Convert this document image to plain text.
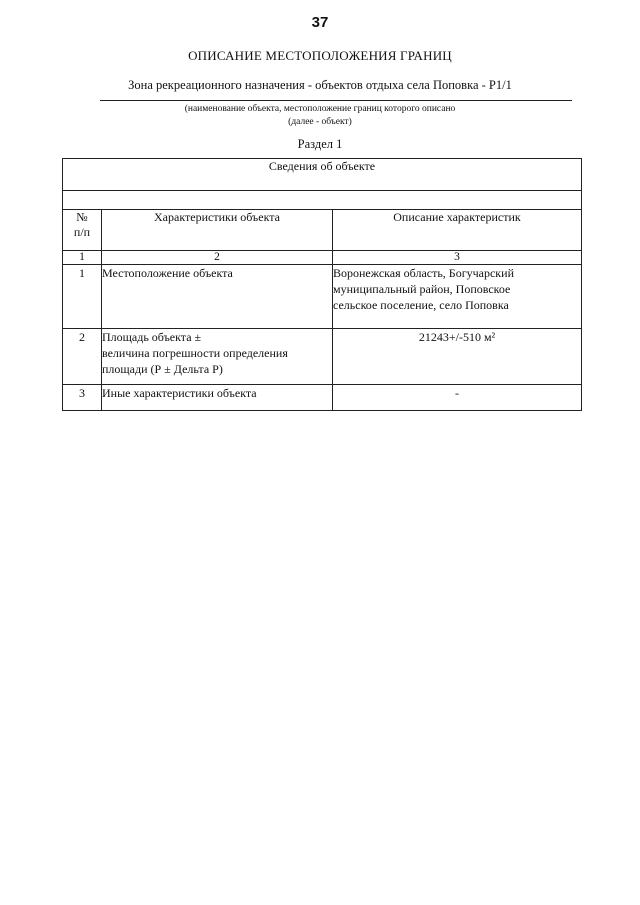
37
ОПИСАНИЕ МЕСТОПОЛОЖЕНИЯ ГРАНИЦ
Зона рекреационного назначения - объектов отдыха села Поповка - Р1/1
(наименование объекта, местоположение границ которого описано
(далее - объект)
Раздел 1
Сведения об объекте		

№
п/п	Характеристики объекта	Описание характеристик
1	2	3
1	Местоположение объекта	Воронежская область, Богучарский
муниципальный район, Поповское
сельское поселение, село Поповка
2	Площадь объекта ±
величина погрешности определения
площади (Р ± Дельта Р)	21243+/-510 м²
3	Иные характеристики объекта	-
